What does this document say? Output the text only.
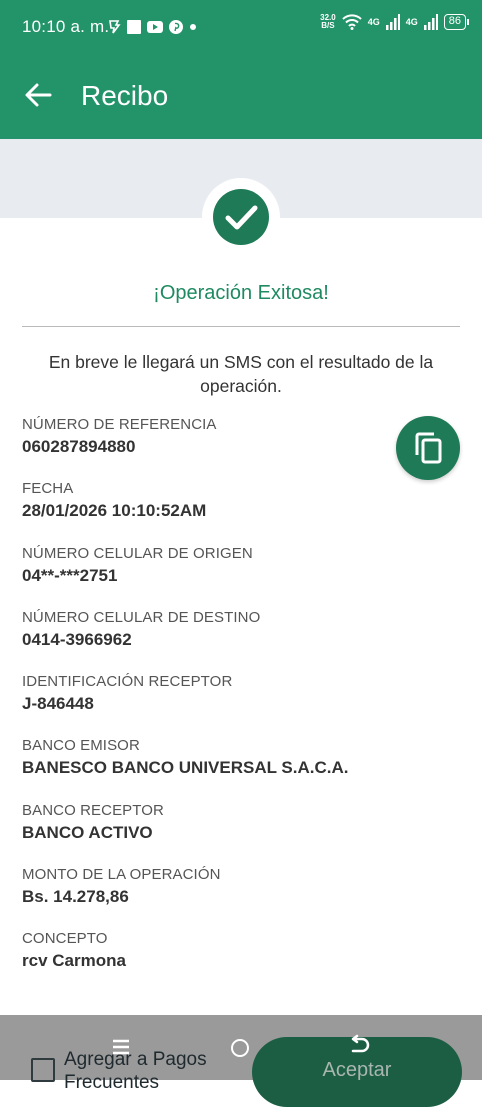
10:10 a. m.	32.0
B/S	4G	4G	86
Recibo
¡Operación Exitosa!
En breve le llegará un SMS con el resultado de la operación.
NÚMERO DE REFERENCIA
060287894880
FECHA
28/01/2026 10:10:52AM
NÚMERO CELULAR DE ORIGEN
04**-***2751
NÚMERO CELULAR DE DESTINO
0414-3966962
IDENTIFICACIÓN RECEPTOR
J-846448
BANCO EMISOR
BANESCO BANCO UNIVERSAL S.A.C.A.
BANCO RECEPTOR
BANCO ACTIVO
MONTO DE LA OPERACIÓN
Bs. 14.278,86
CONCEPTO
rcv Carmona
Agregar a Pagos Frecuentes
Aceptar
